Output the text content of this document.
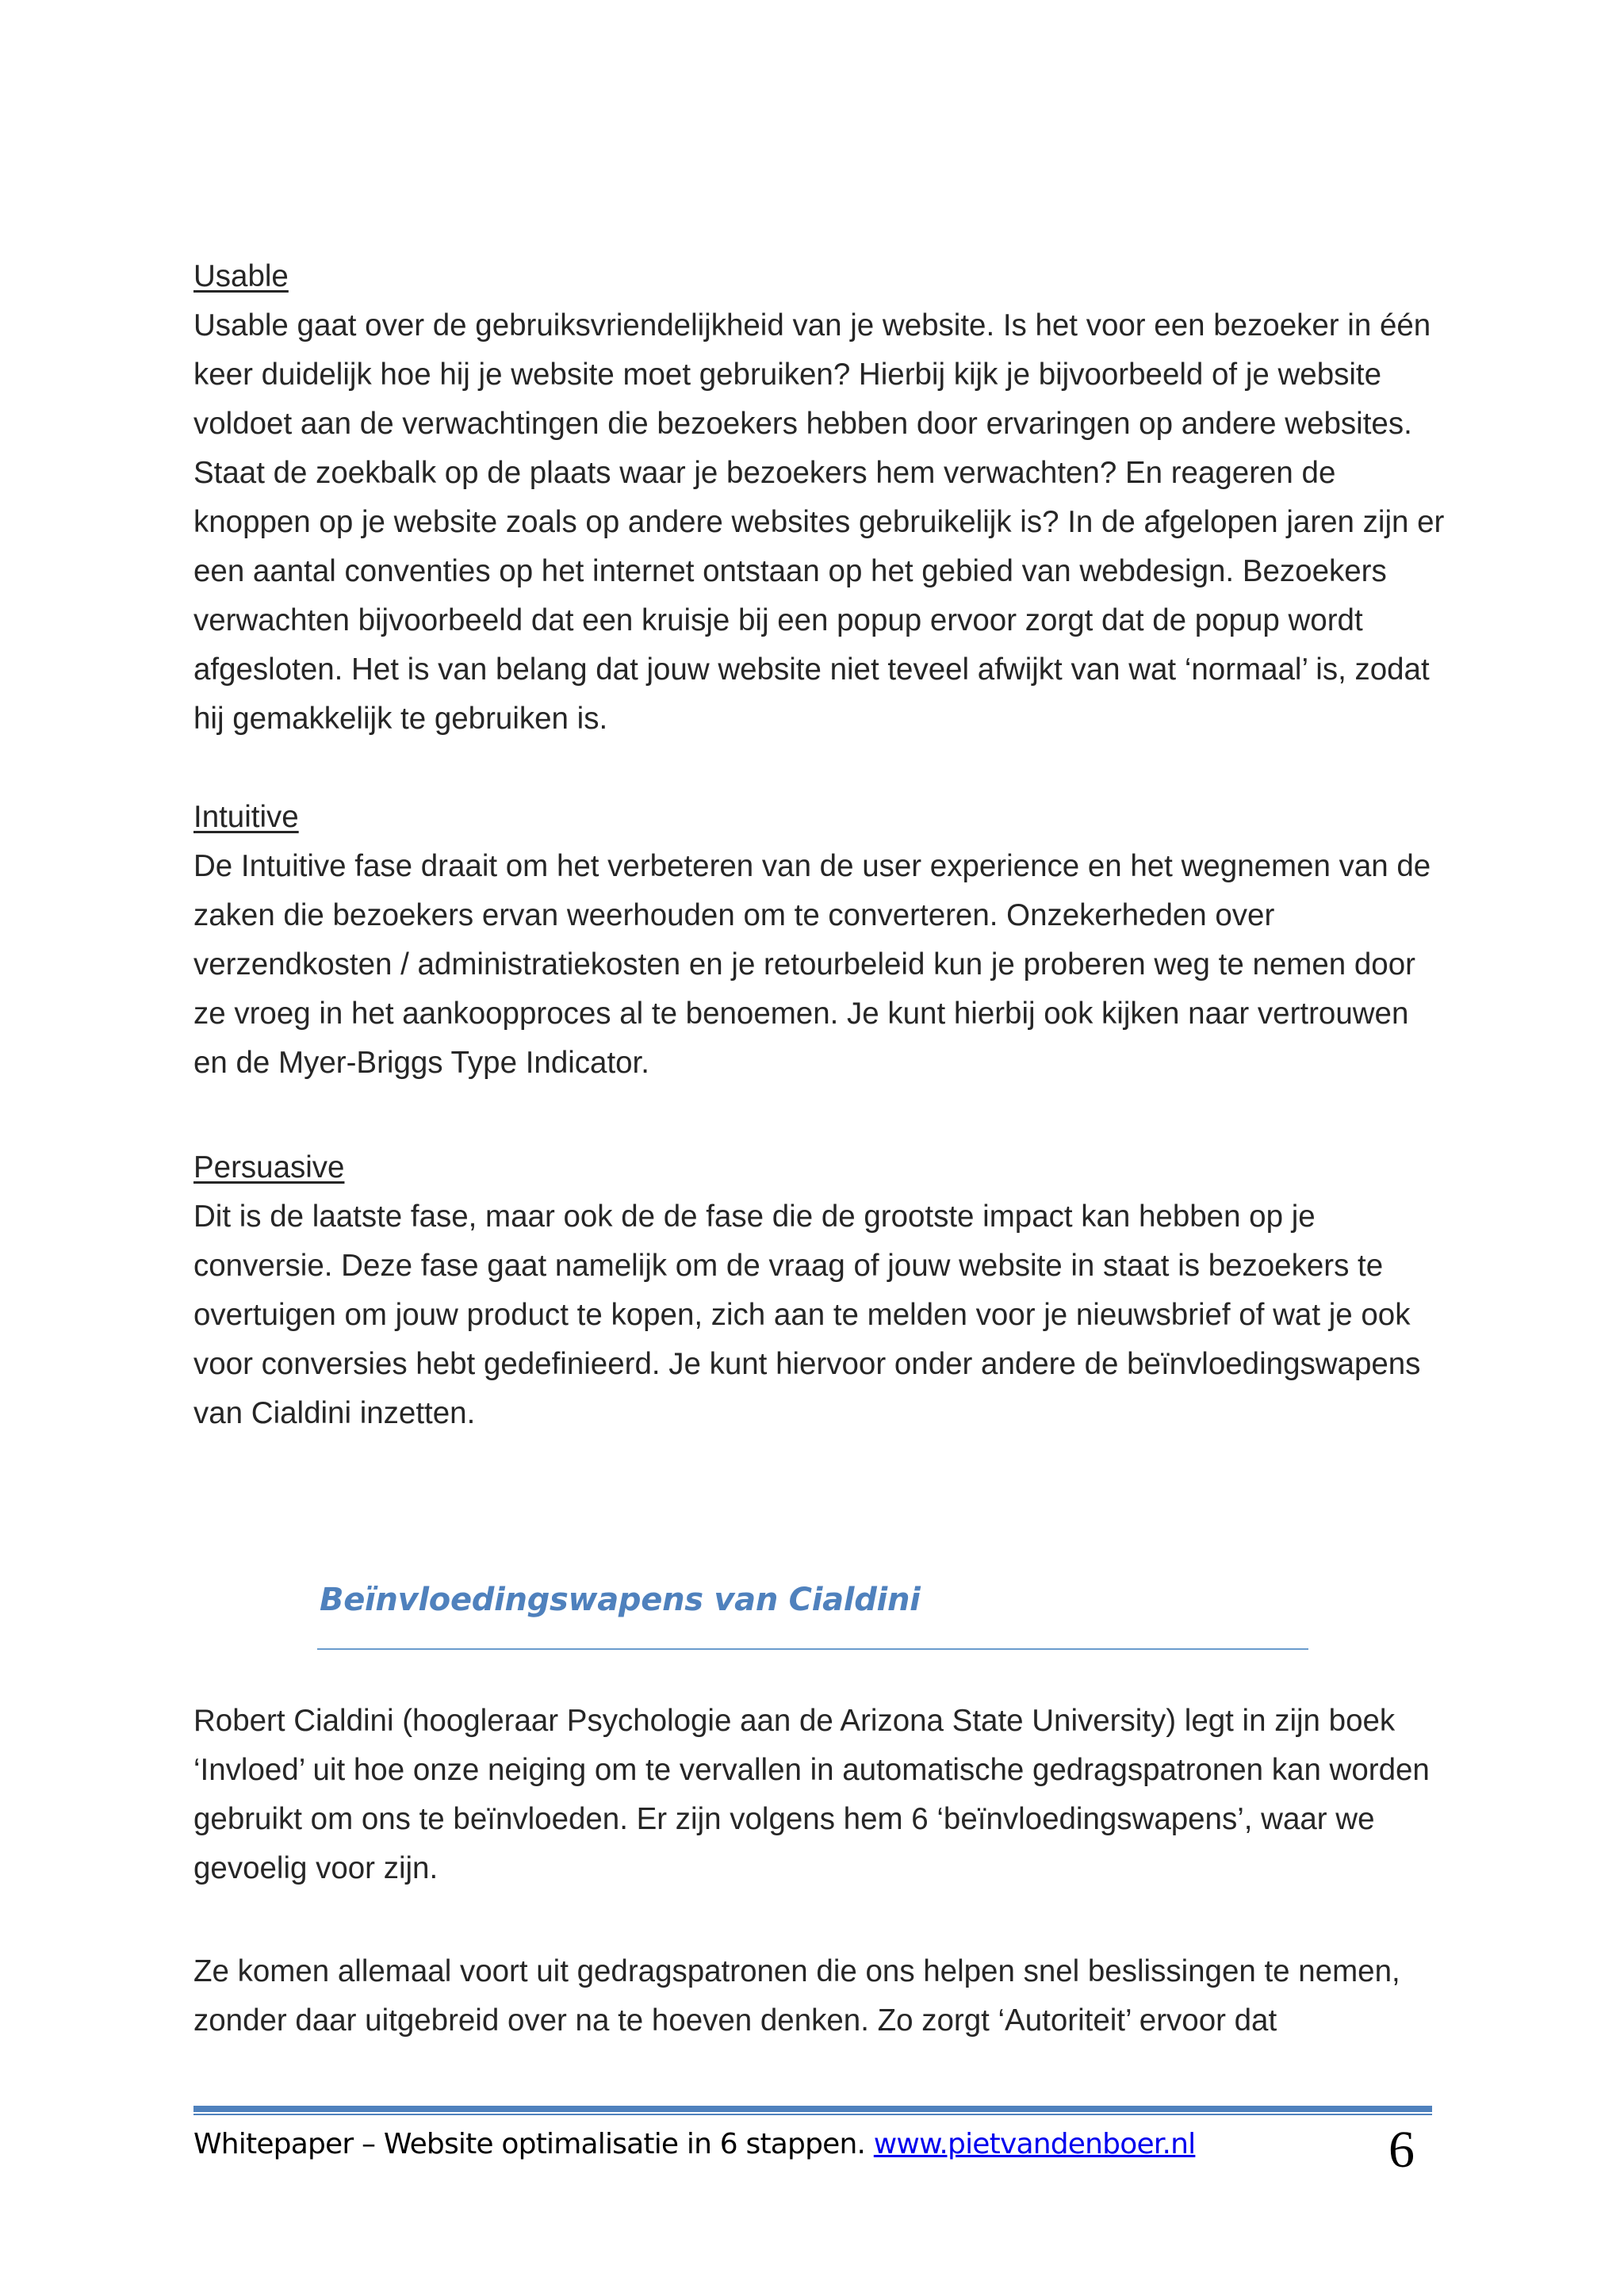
Usable

Usable gaat over de gebruiksvriendelijkheid van je website. Is het voor een bezoeker in één keer duidelijk hoe hij je website moet gebruiken? Hierbij kijk je bijvoorbeeld of je website voldoet aan de verwachtingen die bezoekers hebben door ervaringen op andere websites. Staat de zoekbalk op de plaats waar je bezoekers hem verwachten? En reageren de knoppen op je website zoals op andere websites gebruikelijk is? In de afgelopen jaren zijn er een aantal conventies op het internet ontstaan op het gebied van webdesign. Bezoekers verwachten bijvoorbeeld dat een kruisje bij een popup ervoor zorgt dat de popup wordt afgesloten. Het is van belang dat jouw website niet teveel afwijkt van wat ‘normaal’ is, zodat hij gemakkelijk te gebruiken is.

Intuitive

De Intuitive fase draait om het verbeteren van de user experience en het wegnemen van de zaken die bezoekers ervan weerhouden om te converteren. Onzekerheden over verzendkosten / administratiekosten en je retourbeleid kun je proberen weg te nemen door ze vroeg in het aankoopproces al te benoemen. Je kunt hierbij ook kijken naar vertrouwen en de Myer-Briggs Type Indicator.

Persuasive

Dit is de laatste fase, maar ook de de fase die de grootste impact kan hebben op je conversie. Deze fase gaat namelijk om de vraag of jouw website in staat is bezoekers te overtuigen om jouw product te kopen, zich aan te melden voor je nieuwsbrief of wat je ook voor conversies hebt gedefinieerd. Je kunt hiervoor onder andere de beïnvloedingswapens van Cialdini inzetten.

Beïnvloedingswapens van Cialdini

Robert Cialdini (hoogleraar Psychologie aan de Arizona State University) legt in zijn boek ‘Invloed’ uit hoe onze neiging om te vervallen in automatische gedragspatronen kan worden gebruikt om ons te beïnvloeden. Er zijn volgens hem 6 ‘beïnvloedingswapens’, waar we gevoelig voor zijn.

Ze komen allemaal voort uit gedragspatronen die ons helpen snel beslissingen te nemen, zonder daar uitgebreid over na te hoeven denken. Zo zorgt ‘Autoriteit’ ervoor dat

Whitepaper – Website optimalisatie in 6 stappen. www.pietvandenboer.nl	6
